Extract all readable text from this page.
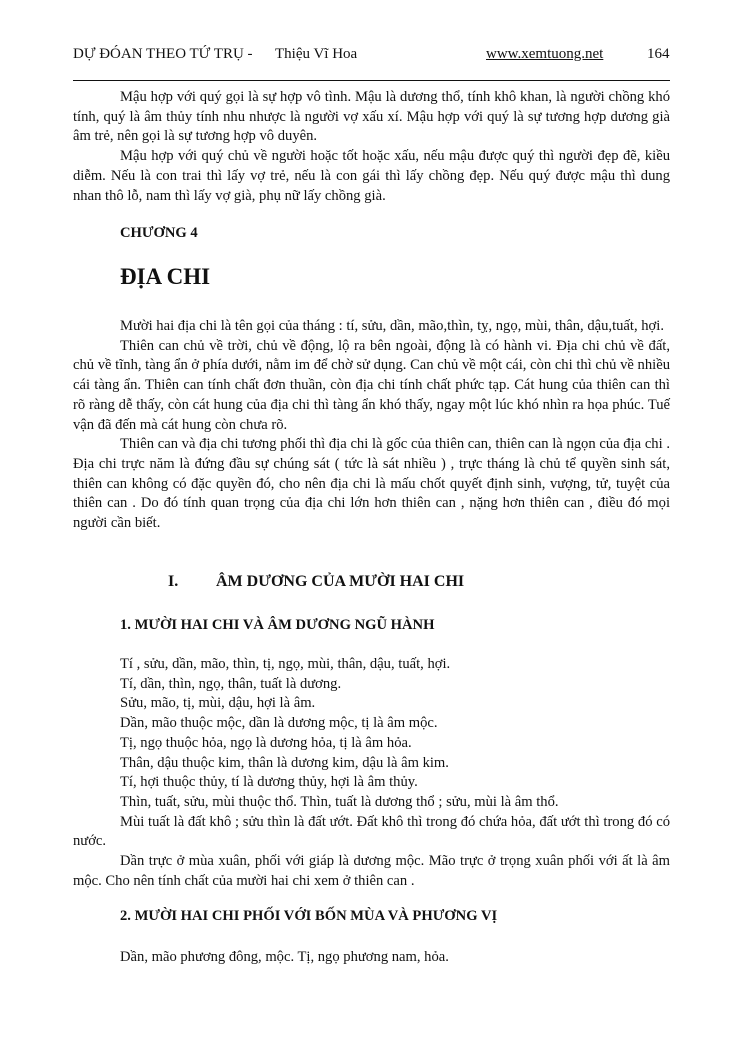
DỰ ĐÓAN THEO TỨ TRỤ - Thiệu Vĩ Hoa	www.xemtuong.net	164

Mậu hợp với quý gọi là sự hợp vô tình. Mậu là dương thổ, tính khô khan, là người chồng khó tính, quý là âm thủy tính nhu nhược là người vợ xấu xí. Mậu hợp với quý là sự tương hợp dương già âm trẻ, nên gọi là sự tương hợp vô duyên.

Mậu hợp với quý chủ về người hoặc tốt hoặc xấu, nếu mậu được quý thì người đẹp đẽ, kiều diễm. Nếu là con trai thì lấy vợ trẻ, nếu là con gái thì lấy chồng đẹp. Nếu quý được mậu thì dung nhan thô lỗ, nam thì lấy vợ già, phụ nữ lấy chồng già.

CHƯƠNG 4
ĐỊA CHI

Mười hai địa chi là tên gọi của tháng : tí, sửu, dần, mão,thìn, tỵ, ngọ, mùi, thân, dậu,tuất, hợi.

Thiên can chủ về trời, chủ về động, lộ ra bên ngoài, động là có hành vi. Địa chi chủ về đất, chủ về tĩnh, tàng ẩn ở phía dưới, nằm im để chờ sử dụng. Can chủ về một cái, còn chi thì chủ về nhiều cái tàng ẩn. Thiên can tính chất đơn thuần, còn địa chi tính chất phức tạp. Cát hung của thiên can thì rõ ràng dễ thấy, còn cát hung của địa chi thì tàng ẩn khó thấy, ngay một lúc khó nhìn ra họa phúc. Tuế vận đã đến mà cát hung còn chưa rõ.

Thiên can và địa chi tương phối thì địa chi là gốc của thiên can, thiên can là ngọn của địa chi . Địa chi trực năm là đứng đầu sự chúng sát ( tức là sát nhiều ) , trực tháng là chủ tể quyền sinh sát, thiên can không có đặc quyền đó, cho nên địa chi là mấu chốt quyết định sinh, vượng, tử, tuyệt của thiên can . Do đó tính quan trọng của địa chi lớn hơn thiên can , nặng hơn thiên can , điều đó mọi người cần biết.

I. ÂM DƯƠNG CỦA MƯỜI HAI CHI
1. MƯỜI HAI CHI VÀ ÂM DƯƠNG NGŨ HÀNH

Tí , sửu, dần, mão, thìn, tị, ngọ, mùi, thân, dậu, tuất, hợi.

Tí, dần, thìn, ngọ, thân, tuất là dương.

Sửu, mão, tị, mùi, dậu, hợi là âm.

Dần, mão thuộc mộc, dần là dương mộc, tị là âm mộc.

Tị, ngọ thuộc hỏa, ngọ là dương hỏa, tị là âm hỏa.

Thân, dậu thuộc kim, thân là dương kim, dậu là âm kim.

Tí, hợi thuộc thủy, tí là dương thủy, hợi là âm thủy.

Thìn, tuất, sửu, mùi thuộc thổ. Thìn, tuất là dương thổ ; sửu, mùi là âm thổ.

Mùi tuất là đất khô ; sửu thìn là đất ướt. Đất khô thì trong đó chứa hỏa, đất ướt thì trong đó có nước.

Dần trực ở mùa xuân, phối với giáp là dương mộc. Mão trực ở trọng xuân phối với ất là âm mộc. Cho nên tính chất của mười hai chi xem ở thiên can .

2. MƯỜI HAI CHI PHỐI VỚI BỐN MÙA VÀ PHƯƠNG VỊ

Dần, mão phương đông, mộc. Tị, ngọ phương nam, hỏa.
